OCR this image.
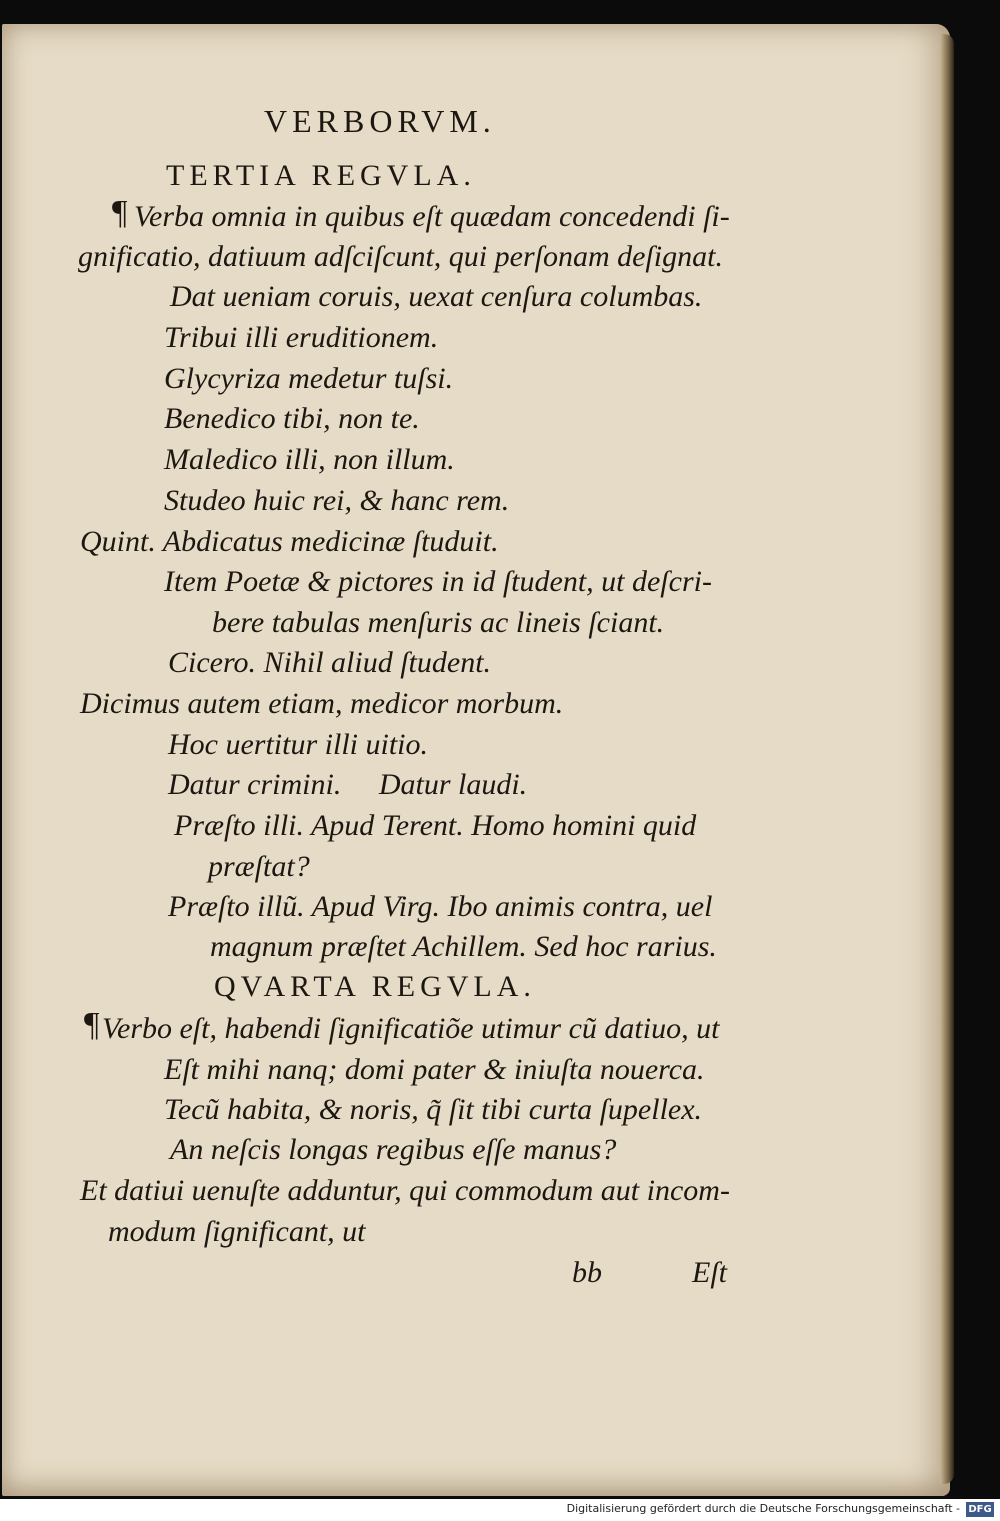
VERBORVM.
TERTIA REGVLA.
¶ Verba omnia in quibus eſt quædam concedendi ſi-
gnificatio, datiuum adſciſcunt, qui perſonam deſignat.
Dat ueniam coruis, uexat cenſura columbas.
Tribui illi eruditionem.
Glycyriza medetur tuſsi.
Benedico tibi, non te.
Maledico illi, non illum.
Studeo huic rei, & hanc rem.
Quint. Abdicatus medicinæ ſtuduit.
Item Poetæ & pictores in id ſtudent, ut deſcri-
bere tabulas menſuris ac lineis ſciant.
Cicero. Nihil aliud ſtudent.
Dicimus autem etiam, medicor morbum.
Hoc uertitur illi uitio.
Datur crimini.     Datur laudi.
Præſto illi. Apud Terent. Homo homini quid
præſtat?
Præſto illũ. Apud Virg. Ibo animis contra, uel
magnum præſtet Achillem. Sed hoc rarius.
QVARTA REGVLA.
¶ Verbo eſt, habendi ſignificatiõe utimur cũ datiuo, ut
Eſt mihi nanq; domi pater & iniuſta nouerca.
Tecũ habita, & noris, q̃ ſit tibi curta ſupellex.
An neſcis longas regibus eſſe manus?
Et datiui uenuſte adduntur, qui commodum aut incom-
modum ſignificant, ut
bb	Eſt
Digitalisierung gefördert durch die Deutsche Forschungsgemeinschaft - DFG
